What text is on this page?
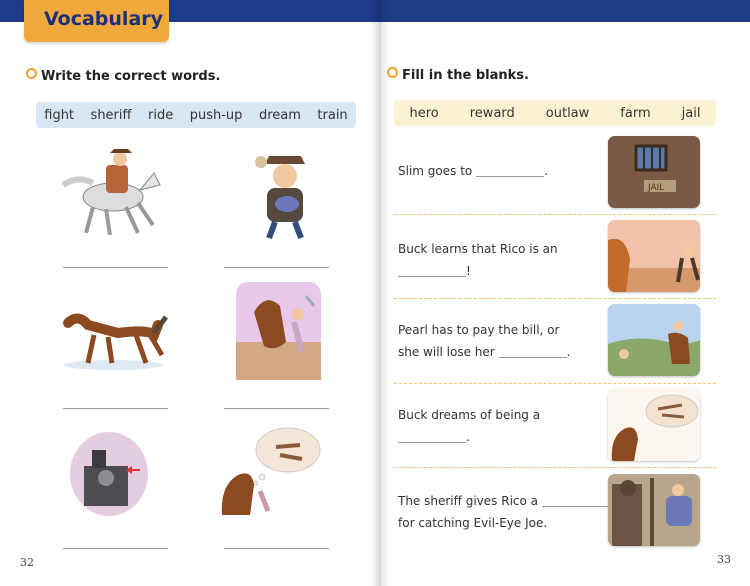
Vocabulary
Write the correct words.
fight sheriff ride push-up dream train
32
Fill in the blanks.
hero reward outlaw farm jail
Slim goes to	.
JAIL
Buck learns that Rico is an
!
Pearl has to pay the bill, or
she will lose her	.
Buck dreams of being a
.
The sheriff gives Rico a
for catching Evil-Eye Joe.
33
